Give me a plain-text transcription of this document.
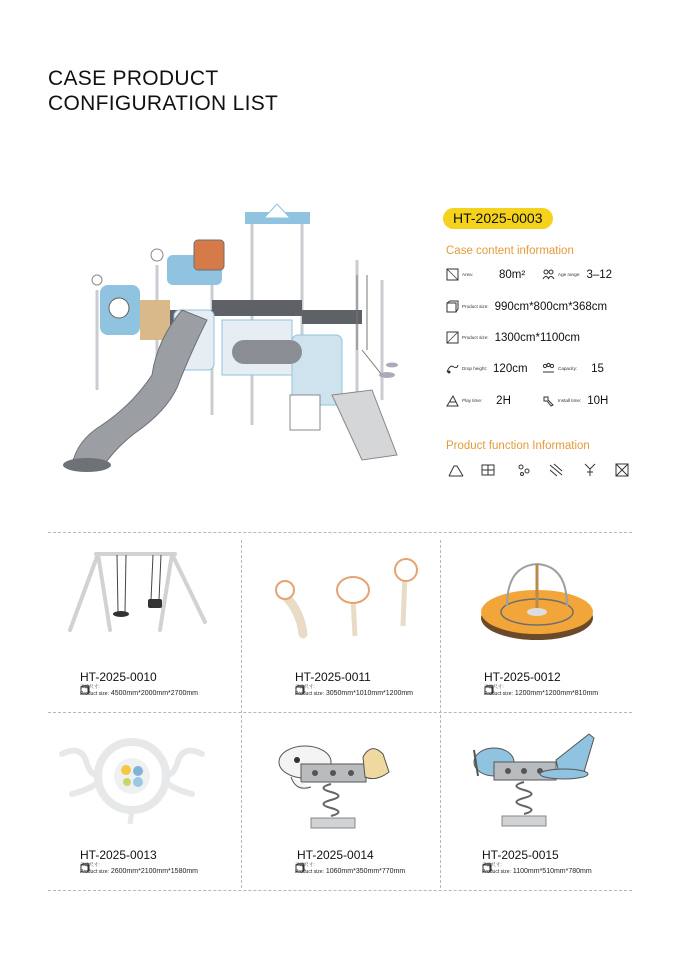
CASE PRODUCT
CONFIGURATION LIST
HT-2025-0003
Case content information
Area: 80m²	Age range: 3–12
Product size: 990cm*800cm*368cm
Product size: 1300cm*1100cm
Drop height: 120cm	Capacity: 15
Play time: 2H	Install time: 10H
Product function Information
HT-2025-0010
产品尺寸:
Product size: 4500mm*2000mm*2700mm
HT-2025-0011
产品尺寸:
Product size: 3050mm*1010mm*1200mm
HT-2025-0012
产品尺寸:
Product size: 1200mm*1200mm*810mm
HT-2025-0013
产品尺寸:
Product size: 2600mm*2100mm*1580mm
HT-2025-0014
产品尺寸:
Product size: 1060mm*350mm*770mm
HT-2025-0015
产品尺寸:
Product size: 1100mm*510mm*780mm
